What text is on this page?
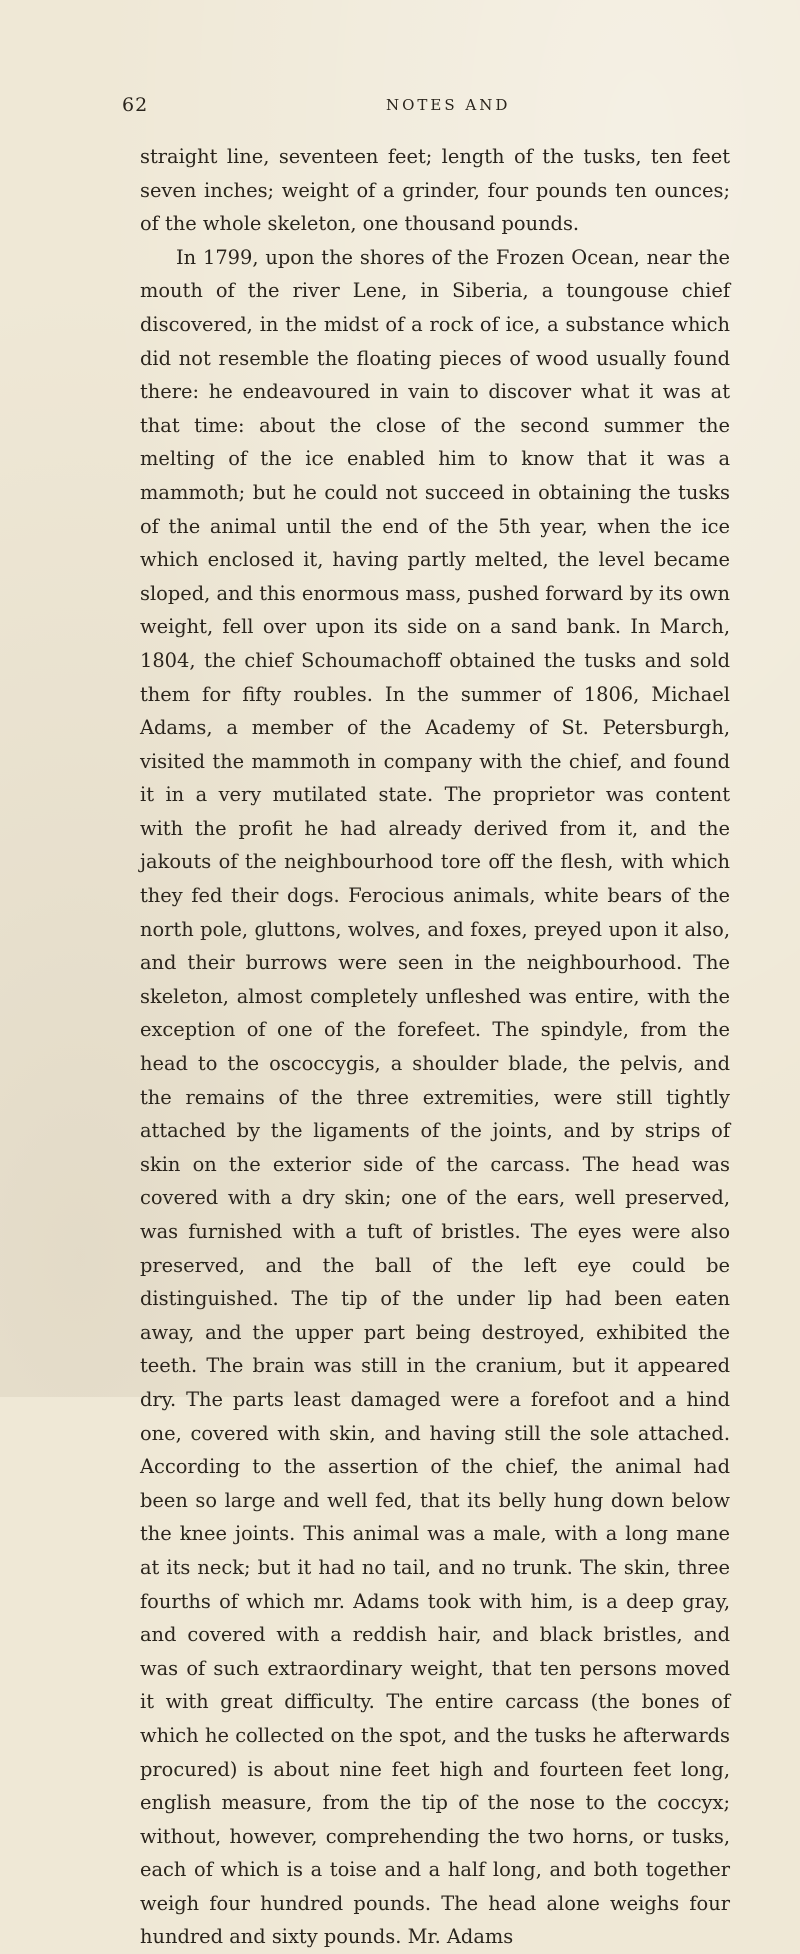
62	NOTES AND

straight line, seventeen feet; length of the tusks, ten feet seven inches; weight of a grinder, four pounds ten ounces; of the whole skeleton, one thousand pounds.

In 1799, upon the shores of the Frozen Ocean, near the mouth of the river Lene, in Siberia, a toungouse chief discovered, in the midst of a rock of ice, a substance which did not resemble the floating pieces of wood usually found there: he endeavoured in vain to discover what it was at that time: about the close of the second summer the melting of the ice enabled him to know that it was a mammoth; but he could not succeed in obtaining the tusks of the animal until the end of the 5th year, when the ice which enclosed it, having partly melted, the level became sloped, and this enormous mass, pushed forward by its own weight, fell over upon its side on a sand bank. In March, 1804, the chief Schoumachoff obtained the tusks and sold them for fifty roubles. In the summer of 1806, Michael Adams, a member of the Academy of St. Petersburgh, visited the mammoth in company with the chief, and found it in a very mutilated state. The proprietor was content with the profit he had already derived from it, and the jakouts of the neighbourhood tore off the flesh, with which they fed their dogs. Ferocious animals, white bears of the north pole, gluttons, wolves, and foxes, preyed upon it also, and their burrows were seen in the neighbourhood. The skeleton, almost completely unfleshed was entire, with the exception of one of the forefeet. The spindyle, from the head to the oscoccygis, a shoulder blade, the pelvis, and the remains of the three extremities, were still tightly attached by the ligaments of the joints, and by strips of skin on the exterior side of the carcass. The head was covered with a dry skin; one of the ears, well preserved, was furnished with a tuft of bristles. The eyes were also preserved, and the ball of the left eye could be distinguished. The tip of the under lip had been eaten away, and the upper part being destroyed, exhibited the teeth. The brain was still in the cranium, but it appeared dry. The parts least damaged were a forefoot and a hind one, covered with skin, and having still the sole attached. According to the assertion of the chief, the animal had been so large and well fed, that its belly hung down below the knee joints. This animal was a male, with a long mane at its neck; but it had no tail, and no trunk. The skin, three fourths of which mr. Adams took with him, is a deep gray, and covered with a reddish hair, and black bristles, and was of such extraordinary weight, that ten persons moved it with great difficulty. The entire carcass (the bones of which he collected on the spot, and the tusks he afterwards procured) is about nine feet high and fourteen feet long, english measure, from the tip of the nose to the coccyx; without, however, comprehending the two horns, or tusks, each of which is a toise and a half long, and both together weigh four hundred pounds. The head alone weighs four hundred and sixty pounds. Mr. Adams
